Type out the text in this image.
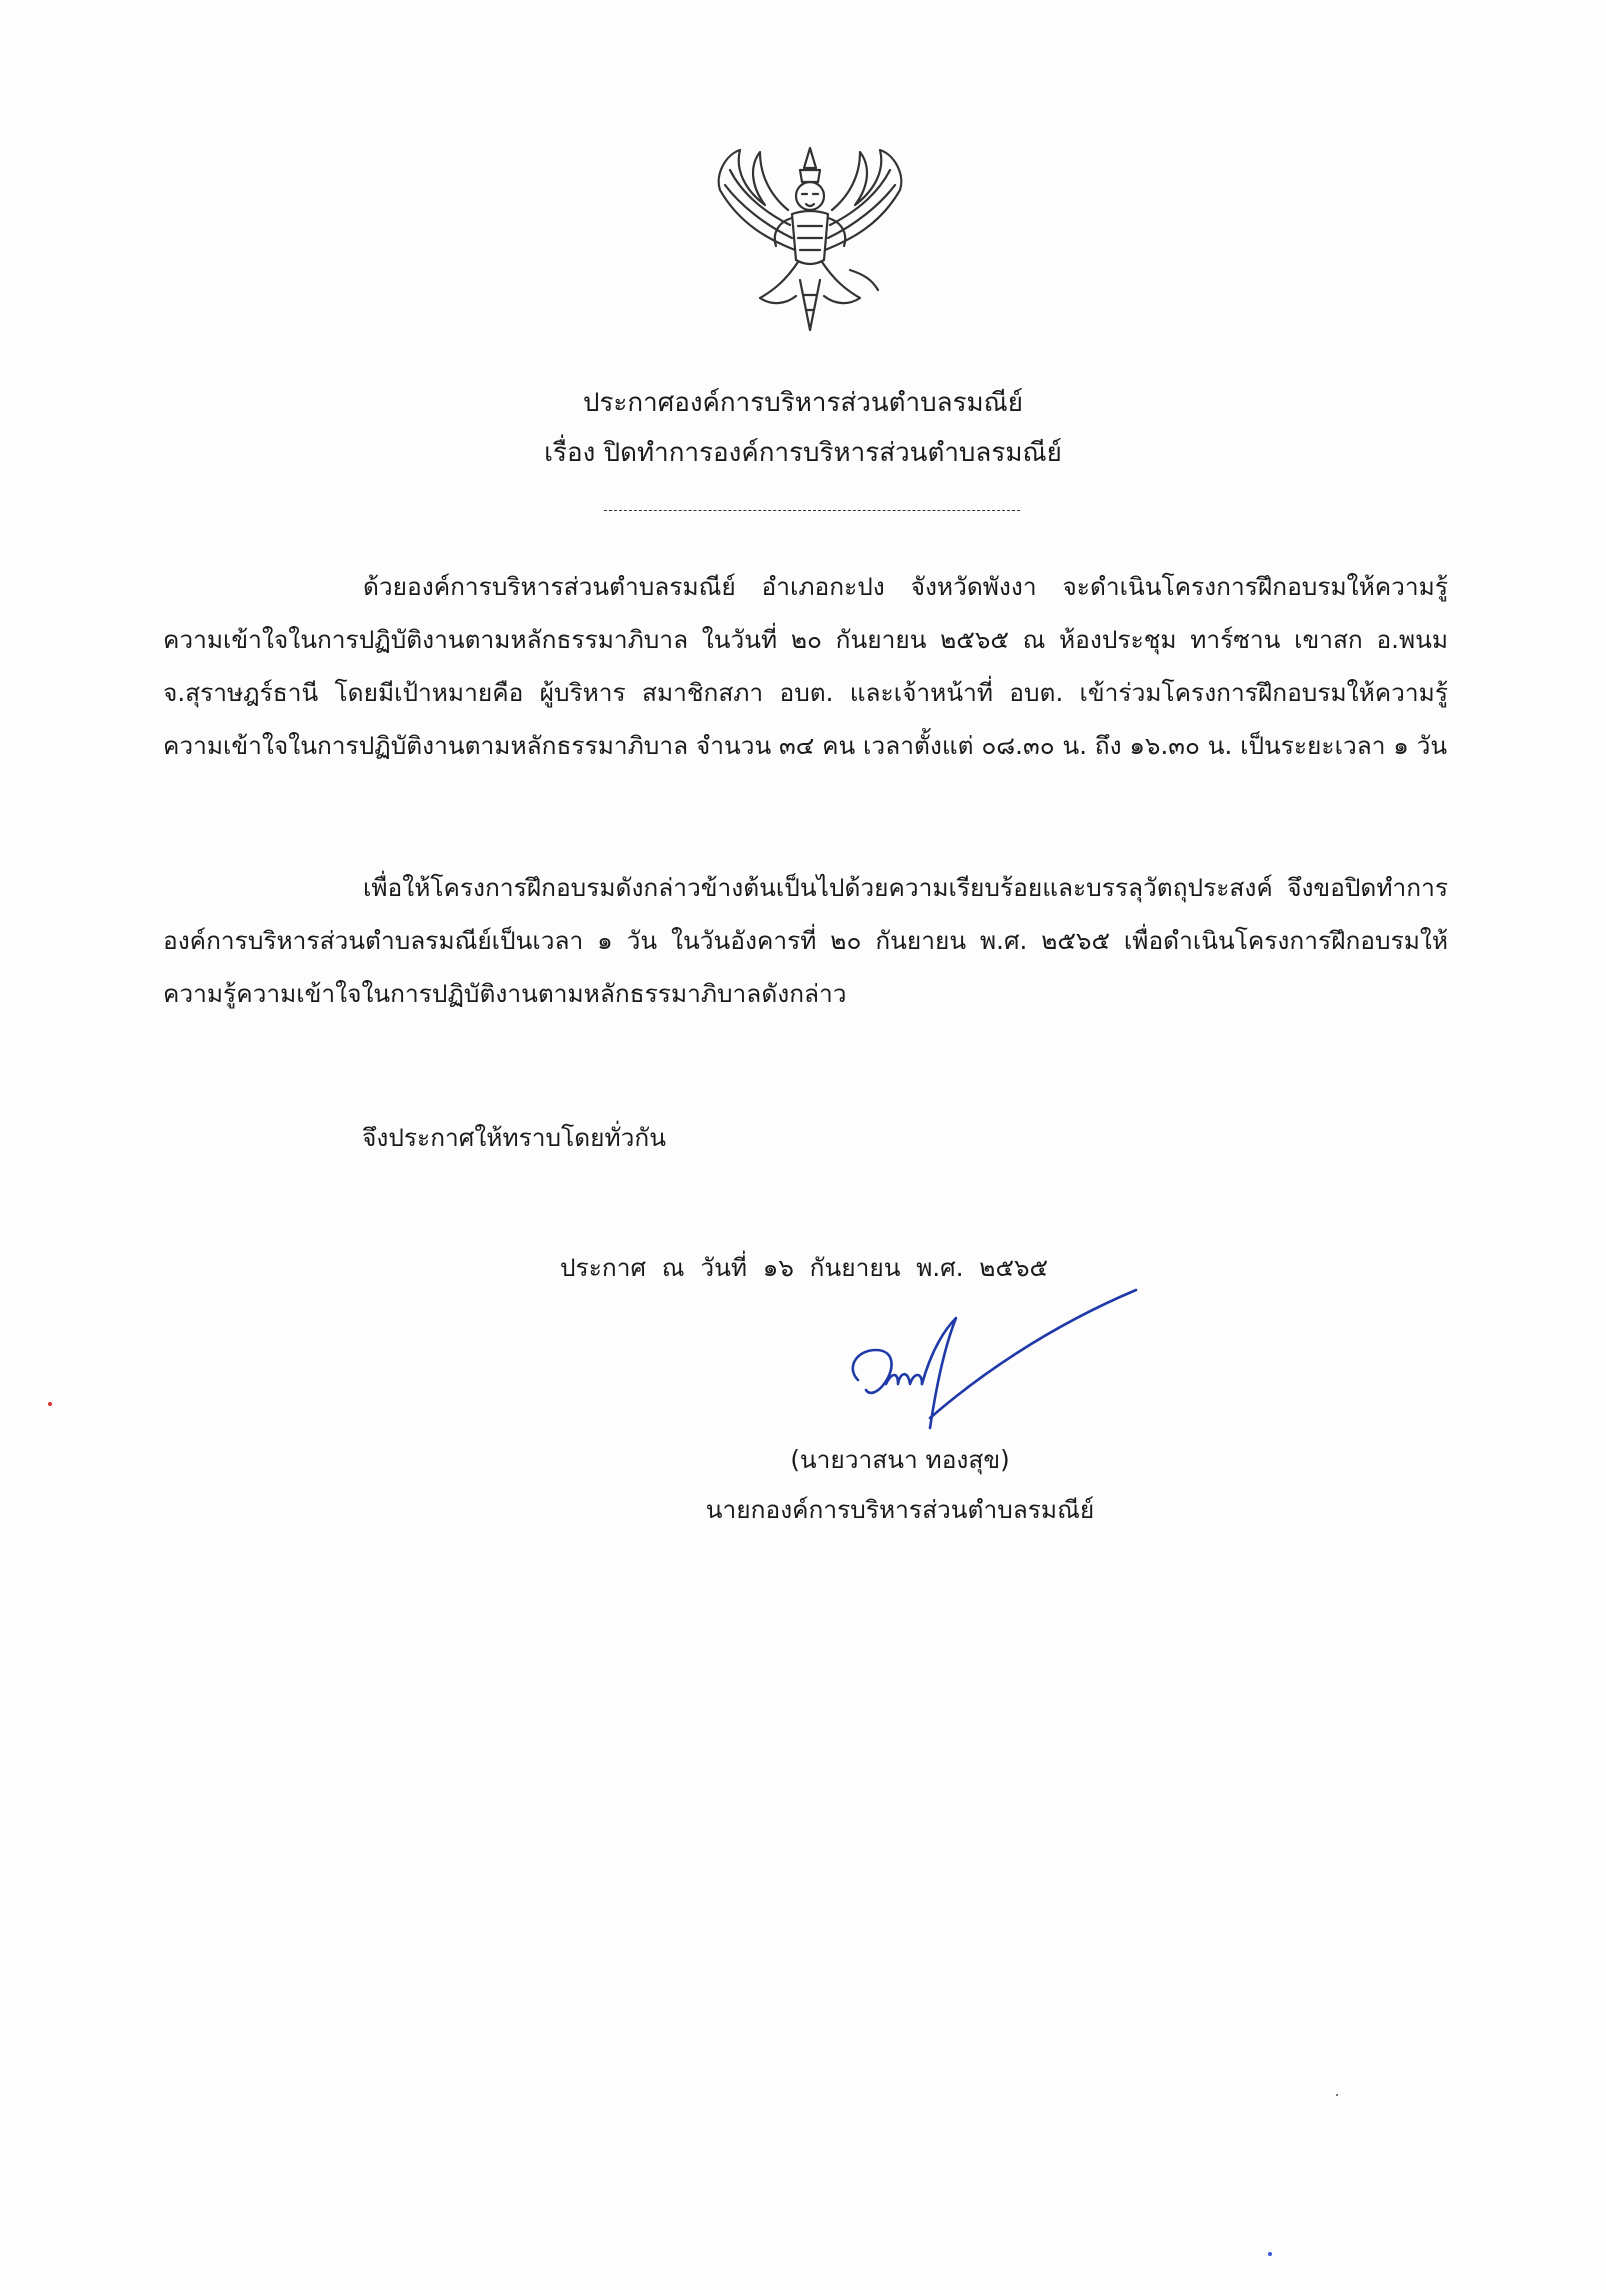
ประกาศองค์การบริหารส่วนตำบลรมณีย์
เรื่อง ปิดทำการองค์การบริหารส่วนตำบลรมณีย์

ด้วยองค์การบริหารส่วนตำบลรมณีย์ อำเภอกะปง จังหวัดพังงา จะดำเนินโครงการฝึกอบรมให้ความรู้ความเข้าใจในการปฏิบัติงานตามหลักธรรมาภิบาล ในวันที่ ๒๐ กันยายน ๒๕๖๕ ณ ห้องประชุม ทาร์ซาน เขาสก อ.พนม จ.สุราษฎร์ธานี โดยมีเป้าหมายคือ ผู้บริหาร สมาชิกสภา อบต. และเจ้าหน้าที่ อบต. เข้าร่วมโครงการฝึกอบรมให้ความรู้ความเข้าใจในการปฏิบัติงานตามหลักธรรมาภิบาล จำนวน ๓๔ คน เวลาตั้งแต่ ๐๘.๓๐ น. ถึง ๑๖.๓๐ น. เป็นระยะเวลา ๑ วัน

เพื่อให้โครงการฝึกอบรมดังกล่าวข้างต้นเป็นไปด้วยความเรียบร้อยและบรรลุวัตถุประสงค์ จึงขอปิดทำการองค์การบริหารส่วนตำบลรมณีย์เป็นเวลา ๑ วัน ในวันอังคารที่ ๒๐ กันยายน พ.ศ. ๒๕๖๕ เพื่อดำเนินโครงการฝึกอบรมให้ความรู้ความเข้าใจในการปฏิบัติงานตามหลักธรรมาภิบาลดังกล่าว

จึงประกาศให้ทราบโดยทั่วกัน
ประกาศ ณ วันที่ ๑๖ กันยายน พ.ศ. ๒๕๖๕
(นายวาสนา ทองสุข)
นายกองค์การบริหารส่วนตำบลรมณีย์
